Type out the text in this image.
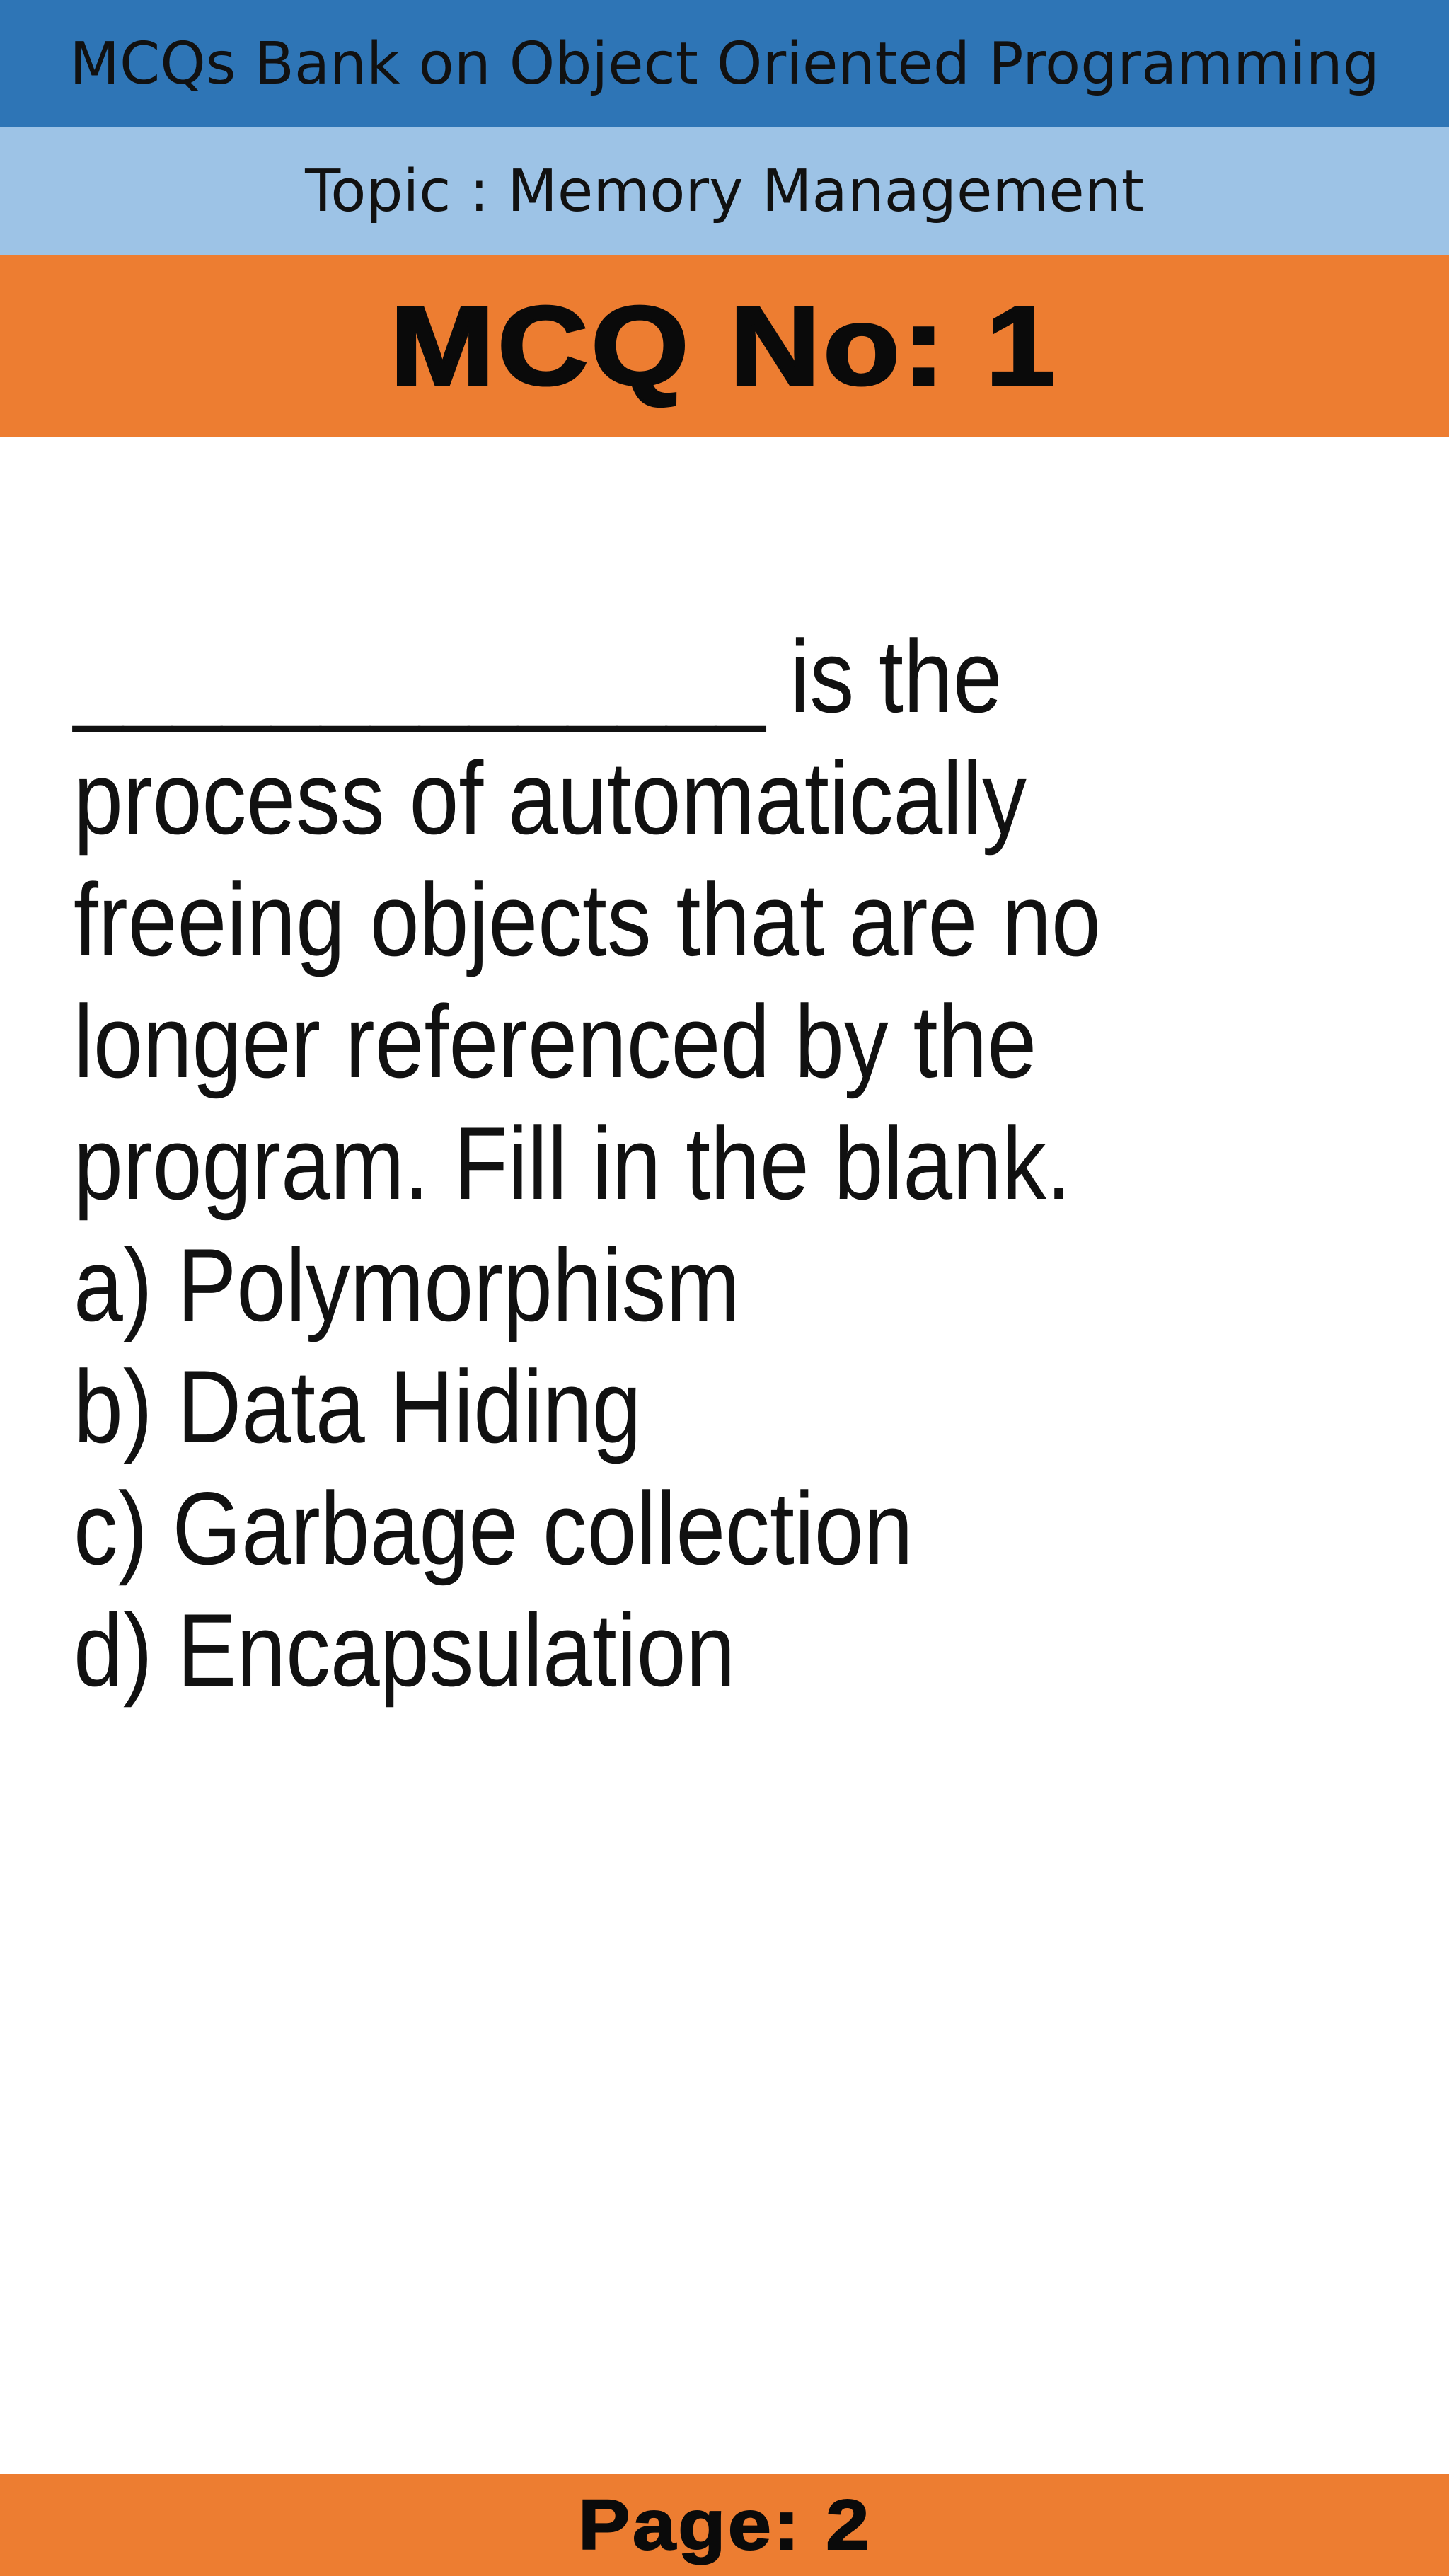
MCQs Bank on Object Oriented Programming
Topic : Memory Management
MCQ No: 1
______________ is the process of automatically freeing objects that are no longer referenced by the program. Fill in the blank.
a) Polymorphism
b) Data Hiding
c) Garbage collection
d) Encapsulation
Page: 2
